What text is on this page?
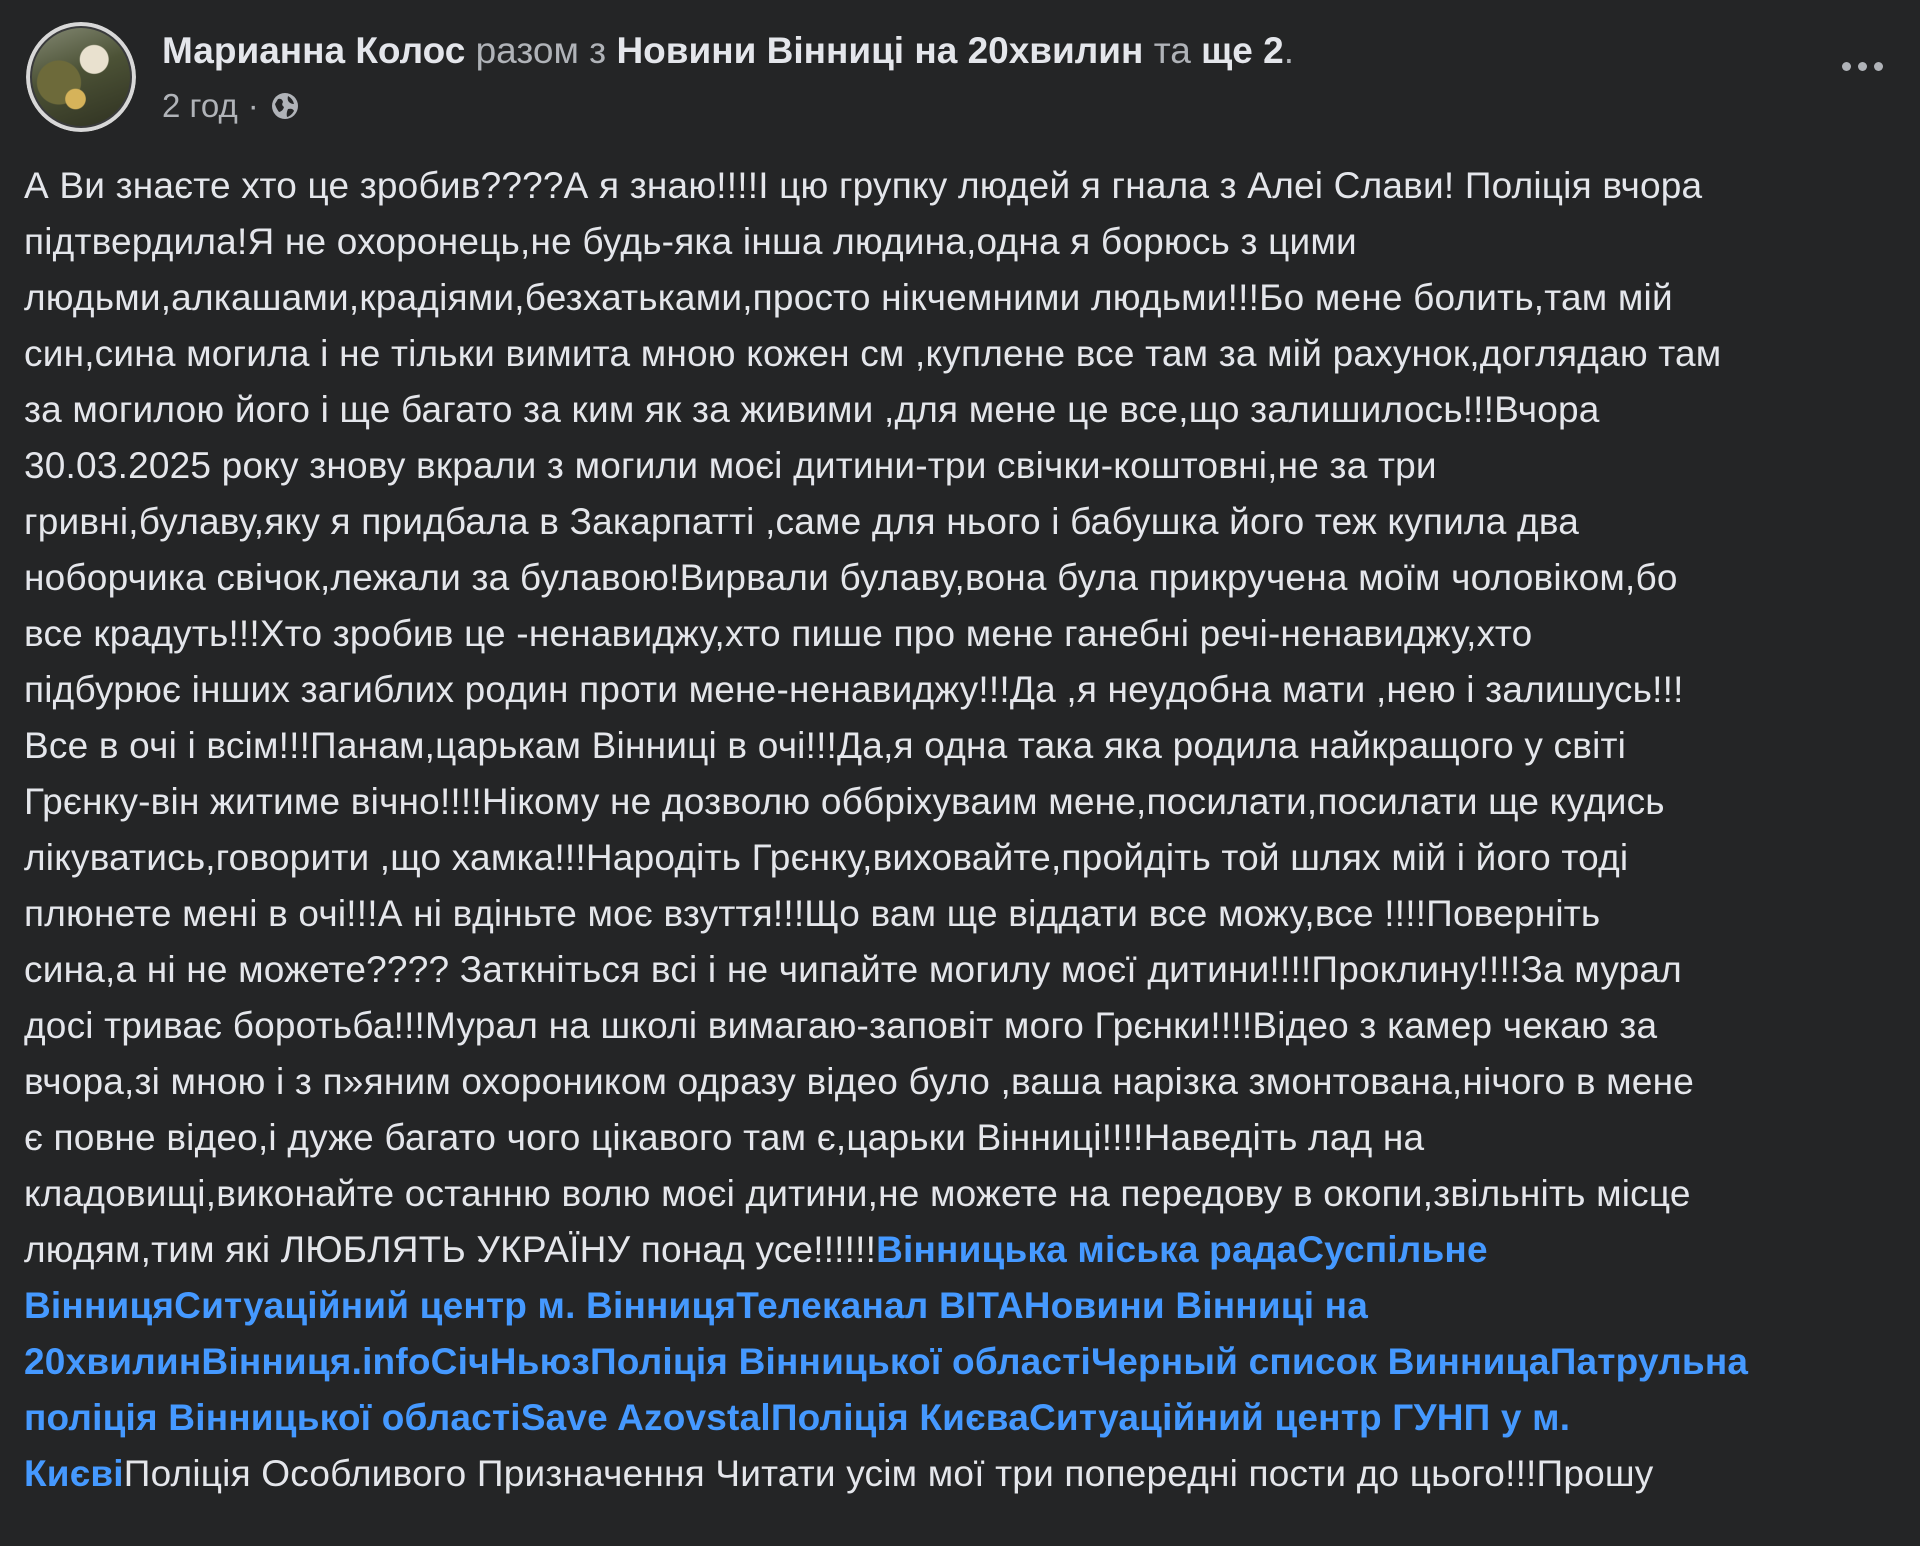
Марианна Колос разом з Новини Вінниці на 20хвилин та ще 2.
2 год ·
А Ви знаєте хто це зробив????А я знаю!!!!І цю групку людей я гнала з Алеі Слави! Поліція вчора
підтвердила!Я не охоронець,не будь-яка інша людина,одна я борюсь з цими
людьми,алкашами,крадіями,безхатьками,просто нікчемними людьми!!!Бо мене болить,там мій
син,сина могила і не тільки вимита мною кожен см ,куплене все там за мій рахунок,доглядаю там
за могилою його і ще багато за ким як за живими ,для мене це все,що залишилось!!!Вчора
30.03.2025 року знову вкрали з могили моєі дитини-три свічки-коштовні,не за три
гривні,булаву,яку я придбала в Закарпатті ,саме для нього і бабушка його теж купила два
ноборчика свічок,лежали за булавою!Вирвали булаву,вона була прикручена моїм чоловіком,бо
все крадуть!!!Хто зробив це -ненавиджу,хто пише про мене ганебні речі-ненавиджу,хто
підбурює інших загиблих родин проти мене-ненавиджу!!!Да ,я неудобна мати ,нею і залишусь!!!
Все в очі і всім!!!Панам,царькам Вінниці в очі!!!Да,я одна така яка родила найкращого у світі
Грєнку-він житиме вічно!!!!Нікому не дозволю оббріхуваим мене,посилати,посилати ще кудись
лікуватись,говорити ,що хамка!!!Народіть Грєнку,виховайте,пройдіть той шлях мій і його тоді
плюнете мені в очі!!!А ні вдіньте моє взуття!!!Що вам ще віддати все можу,все !!!!Поверніть
сина,а ні не можете???? Заткніться всі і не чипайте могилу моєї дитини!!!!Проклину!!!!За мурал
досі триває боротьба!!!Мурал на школі вимагаю-заповіт мого Грєнки!!!!Відео з камер чекаю за
вчора,зі мною і з п»яним охороником одразу відео було ,ваша нарізка змонтована,нічого в мене
є повне відео,і дуже багато чого цікавого там є,царьки Вінниці!!!!Наведіть лад на
кладовищі,виконайте останню волю моєі дитини,не можете на передову в окопи,звільніть місце
людям,тим які ЛЮБЛЯТЬ УКРАЇНУ понад усе!!!!!!Вінницька міська радаСуспільне
ВінницяСитуаційний центр м. ВінницяТелеканал ВІТАНовини Вінниці на
20хвилинВінниця.infoСічНьюзПоліція Вінницької областіЧерный список ВинницаПатрульна
поліція Вінницької областіSave AzovstalПоліція КиєваСитуаційний центр ГУНП у м.
КиєвіПоліція Особливого Призначення Читати усім мої три попередні пости до цього!!!Прошу
